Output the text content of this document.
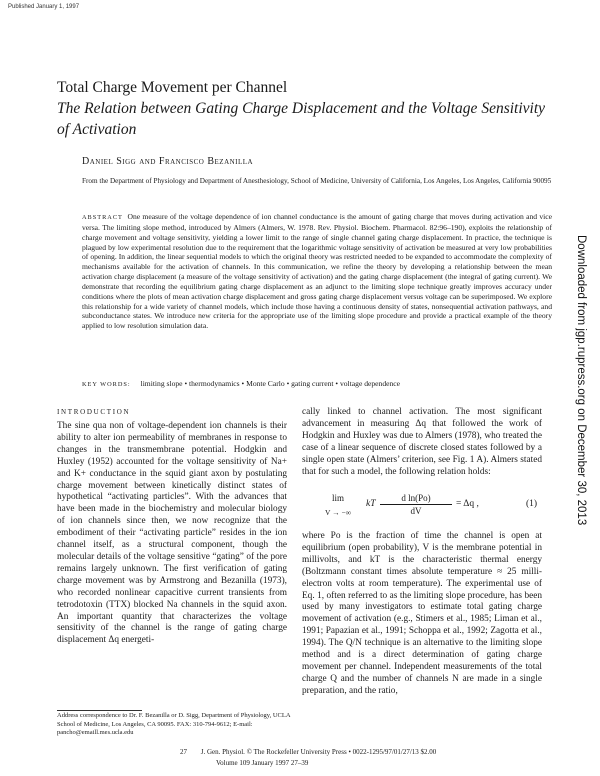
Published January 1, 1997
Total Charge Movement per Channel
The Relation between Gating Charge Displacement and the Voltage Sensitivity of Activation
Daniel Sigg and Francisco Bezanilla
From the Department of Physiology and Department of Anesthesiology, School of Medicine, University of California, Los Angeles, Los Angeles, California 90095
ABSTRACT One measure of the voltage dependence of ion channel conductance is the amount of gating charge that moves during activation and vice versa. The limiting slope method, introduced by Almers (Almers, W. 1978. Rev. Physiol. Biochem. Pharmacol. 82:96–190), exploits the relationship of charge movement and voltage sensitivity, yielding a lower limit to the range of single channel gating charge displacement. In practice, the technique is plagued by low experimental resolution due to the requirement that the logarithmic voltage sensitivity of activation be measured at very low probabilities of opening. In addition, the linear sequential models to which the original theory was restricted needed to be expanded to accommodate the complexity of mechanisms available for the activation of channels. In this communication, we refine the theory by developing a relationship between the mean activation charge displacement (a measure of the voltage sensitivity of activation) and the gating charge displacement (the integral of gating current). We demonstrate that recording the equilibrium gating charge displacement as an adjunct to the limiting slope technique greatly improves accuracy under conditions where the plots of mean activation charge displacement and gross gating charge displacement versus voltage can be superimposed. We explore this relationship for a wide variety of channel models, which include those having a continuous density of states, nonsequential activation pathways, and subconductance states. We introduce new criteria for the appropriate use of the limiting slope procedure and provide a practical example of the theory applied to low resolution simulation data.
KEY WORDS: limiting slope • thermodynamics • Monte Carlo • gating current • voltage dependence
INTRODUCTION
The sine qua non of voltage-dependent ion channels is their ability to alter ion permeability of membranes in response to changes in the transmembrane potential. Hodgkin and Huxley (1952) accounted for the voltage sensitivity of Na+ and K+ conductance in the squid giant axon by postulating charge movement between kinetically distinct states of hypothetical “activating particles”. With the advances that have been made in the biochemistry and molecular biology of ion channels since then, we now recognize that the embodiment of their “activating particle” resides in the ion channel itself, as a structural component, though the molecular details of the voltage sensitive “gating” of the pore remains largely unknown. The first verification of gating charge movement was by Armstrong and Bezanilla (1973), who recorded nonlinear capacitive current transients from tetrodotoxin (TTX) blocked Na channels in the squid axon. An important quantity that characterizes the voltage sensitivity of the channel is the range of gating charge displacement Δq energeti-
cally linked to channel activation. The most significant advancement in measuring Δq that followed the work of Hodgkin and Huxley was due to Almers (1978), who treated the case of a linear sequence of discrete closed states followed by a single open state (Almers’ criterion, see Fig. 1 A). Almers stated that for such a model, the following relation holds:
lim
V → −∞
kT $\frac{\text{d ln(Po)}}{dV} = \Delta q$ ,	(1)
where Po is the fraction of time the channel is open at equilibrium (open probability), V is the membrane potential in millivolts, and kT is the characteristic thermal energy (Boltzmann constant times absolute temperature ≈ 25 milli-electron volts at room temperature). The experimental use of Eq. 1, often referred to as the limiting slope procedure, has been used by many investigators to estimate total gating charge movement of activation (e.g., Stimers et al., 1985; Liman et al., 1991; Papazian et al., 1991; Schoppa et al., 1992; Zagotta et al., 1994). The Q/N technique is an alternative to the limiting slope method and is a direct determination of gating charge movement per channel. Independent measurements of the total charge Q and the number of channels N are made in a single preparation, and the ratio,
Address correspondence to Dr. F. Bezanilla or D. Sigg, Department of Physiology, UCLA School of Medicine, Los Angeles, CA 90095. FAX: 310-794-9612; E-mail: pancho@emaill.mes.ucla.edu
27 J. Gen. Physiol. © The Rockefeller University Press • 0022-1295/97/01/27/13 $2.00
Volume 109 January 1997 27–39
Downloaded from jgp.rupress.org on December 30, 2013
